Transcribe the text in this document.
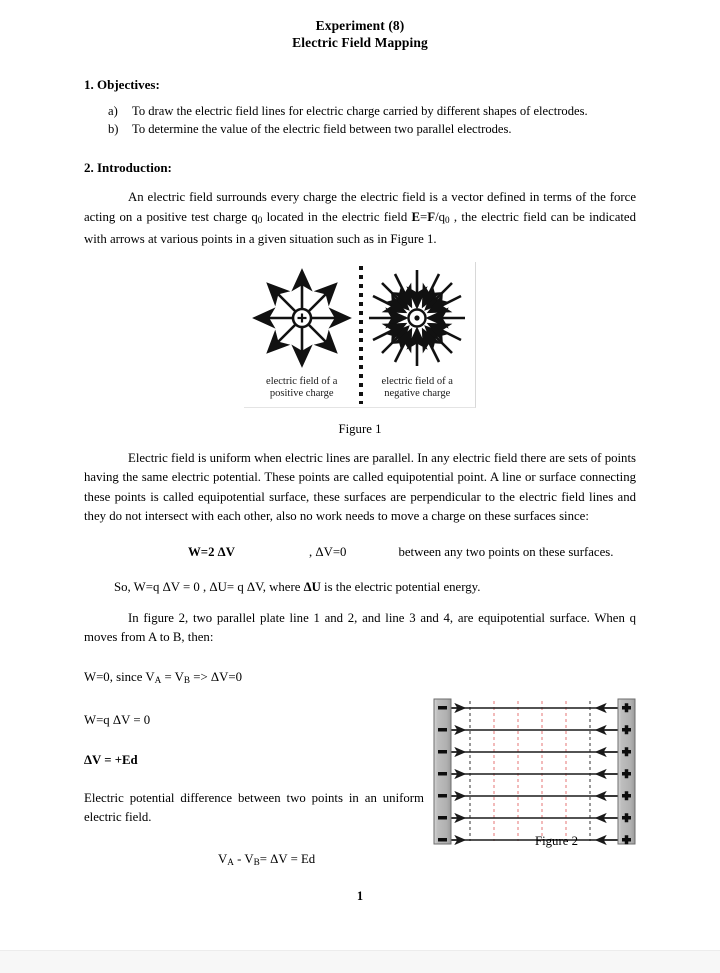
Experiment (8)
Electric Field Mapping
1. Objectives:
a) To draw the electric field lines for electric charge carried by different shapes of electrodes.
b) To determine the value of the electric field between two parallel electrodes.
2. Introduction:

An electric field surrounds every charge the electric field is a vector defined in terms of the force acting on a positive test charge $q_0$ located in the electric field $E=F/q_0$ , the electric field can be indicated with arrows at various points in a given situation such as in Figure 1.

electric field of a
positive charge
electric field of a
negative charge
Figure 1

Electric field is uniform when electric lines are parallel. In any electric field there are sets of points having the same electric potential. These points are called equipotential point. A line or surface connecting these points is called equipotential surface, these surfaces are perpendicular to the electric field lines and they do not intersect with each other, also no work needs to move a charge on these surfaces since:

W=2 ΔV	, ΔV=0	between any two points on these surfaces.
So, W=q ΔV = 0 , ΔU= q ΔV, where ΔU is the electric potential energy.

In figure 2, two parallel plate line 1 and 2, and line 3 and 4, are equipotential surface. When q moves from A to B, then:

W=0, since $V_A = V_B => \Delta V=0$
W=q ΔV = 0
ΔV = +Ed

Electric potential difference between two points in an uniform electric field.

Figure 2
$V_A - V_B= \Delta V = Ed$
1
